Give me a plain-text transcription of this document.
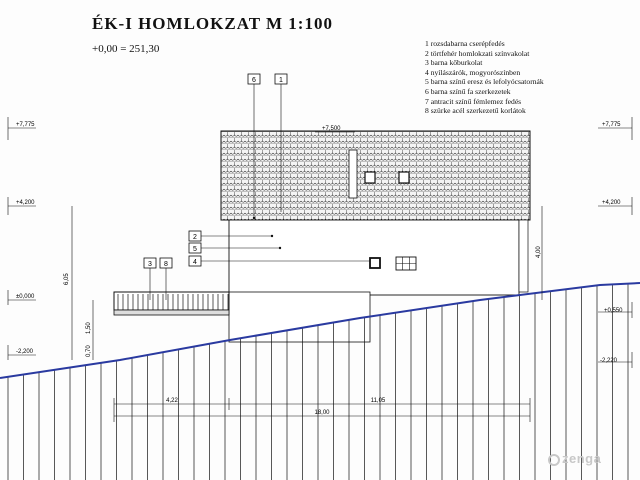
ÉK-I HOMLOKZAT M 1:100
+0,00 = 251,30	1 rozsdabarna cserépfedés
2 törtfehér homlokzati színvakolat
3 barna kőburkolat
4 nyílászárók, mogyorószínben
5 barna színű eresz és lefolyócsatornák
6 barna színű fa szerkezetek
7 antracit színű fémlemez fedés
8 szürke acél szerkezetű korlátok
+7,775
+4,200
±0,000
-2,200
+7,775
+4,200
+0,550
-2,220
+7,500
6,05
1,50
0,70
4,00
6	1
2
5
4
3 8
4,22	11,05
18,00
zenga
